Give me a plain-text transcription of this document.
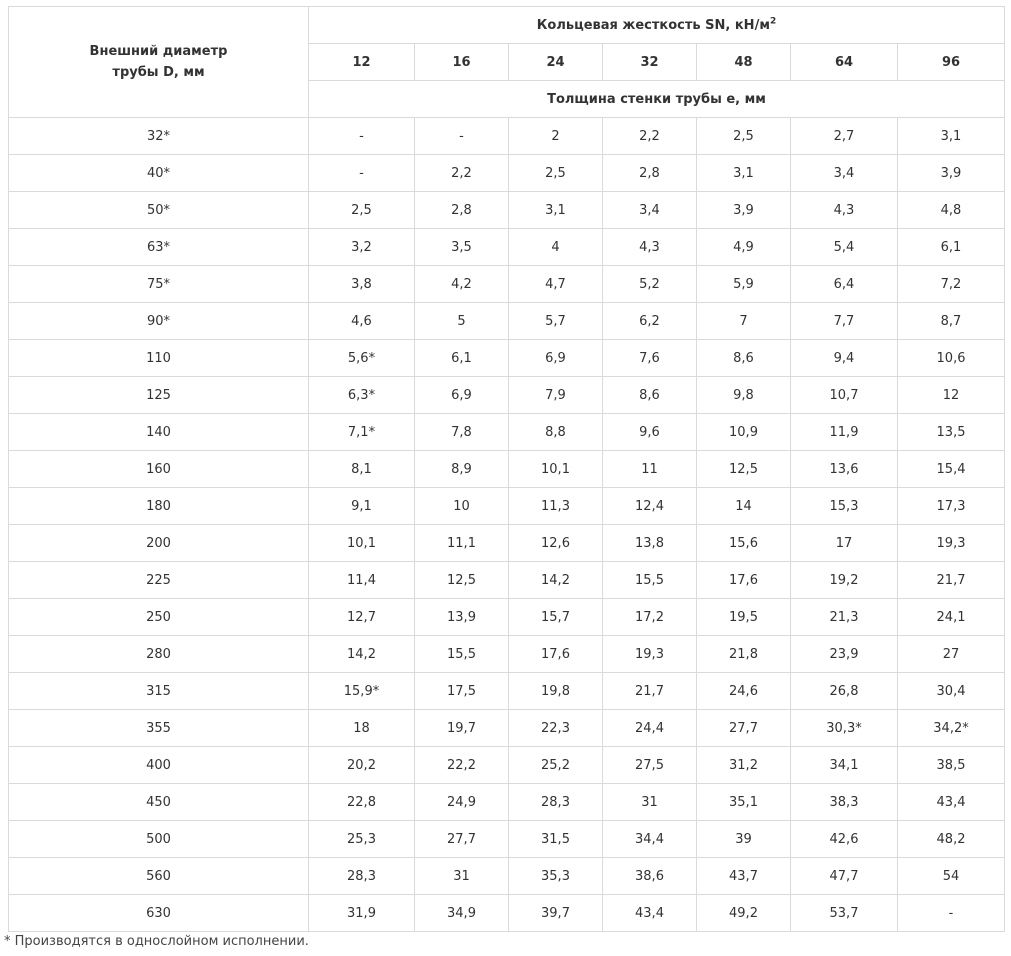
Внешний диаметр
трубы D, мм	Кольцевая жесткость SN, $кН/м^2$
	12	16	24	32	48	64	96
	Толщина стенки трубы е, мм						
32*	-	-	2	2,2	2,5	2,7	3,1
40*	-	2,2	2,5	2,8	3,1	3,4	3,9
50*	2,5	2,8	3,1	3,4	3,9	4,3	4,8
63*	3,2	3,5	4	4,3	4,9	5,4	6,1
75*	3,8	4,2	4,7	5,2	5,9	6,4	7,2
90*	4,6	5	5,7	6,2	7	7,7	8,7
110	5,6*	6,1	6,9	7,6	8,6	9,4	10,6
125	6,3*	6,9	7,9	8,6	9,8	10,7	12
140	7,1*	7,8	8,8	9,6	10,9	11,9	13,5
160	8,1	8,9	10,1	11	12,5	13,6	15,4
180	9,1	10	11,3	12,4	14	15,3	17,3
200	10,1	11,1	12,6	13,8	15,6	17	19,3
225	11,4	12,5	14,2	15,5	17,6	19,2	21,7
250	12,7	13,9	15,7	17,2	19,5	21,3	24,1
280	14,2	15,5	17,6	19,3	21,8	23,9	27
315	15,9*	17,5	19,8	21,7	24,6	26,8	30,4
355	18	19,7	22,3	24,4	27,7	30,3*	34,2*
400	20,2	22,2	25,2	27,5	31,2	34,1	38,5
450	22,8	24,9	28,3	31	35,1	38,3	43,4
500	25,3	27,7	31,5	34,4	39	42,6	48,2
560	28,3	31	35,3	38,6	43,7	47,7	54
630	31,9	34,9	39,7	43,4	49,2	53,7	-
* Производятся в однослойном исполнении.
